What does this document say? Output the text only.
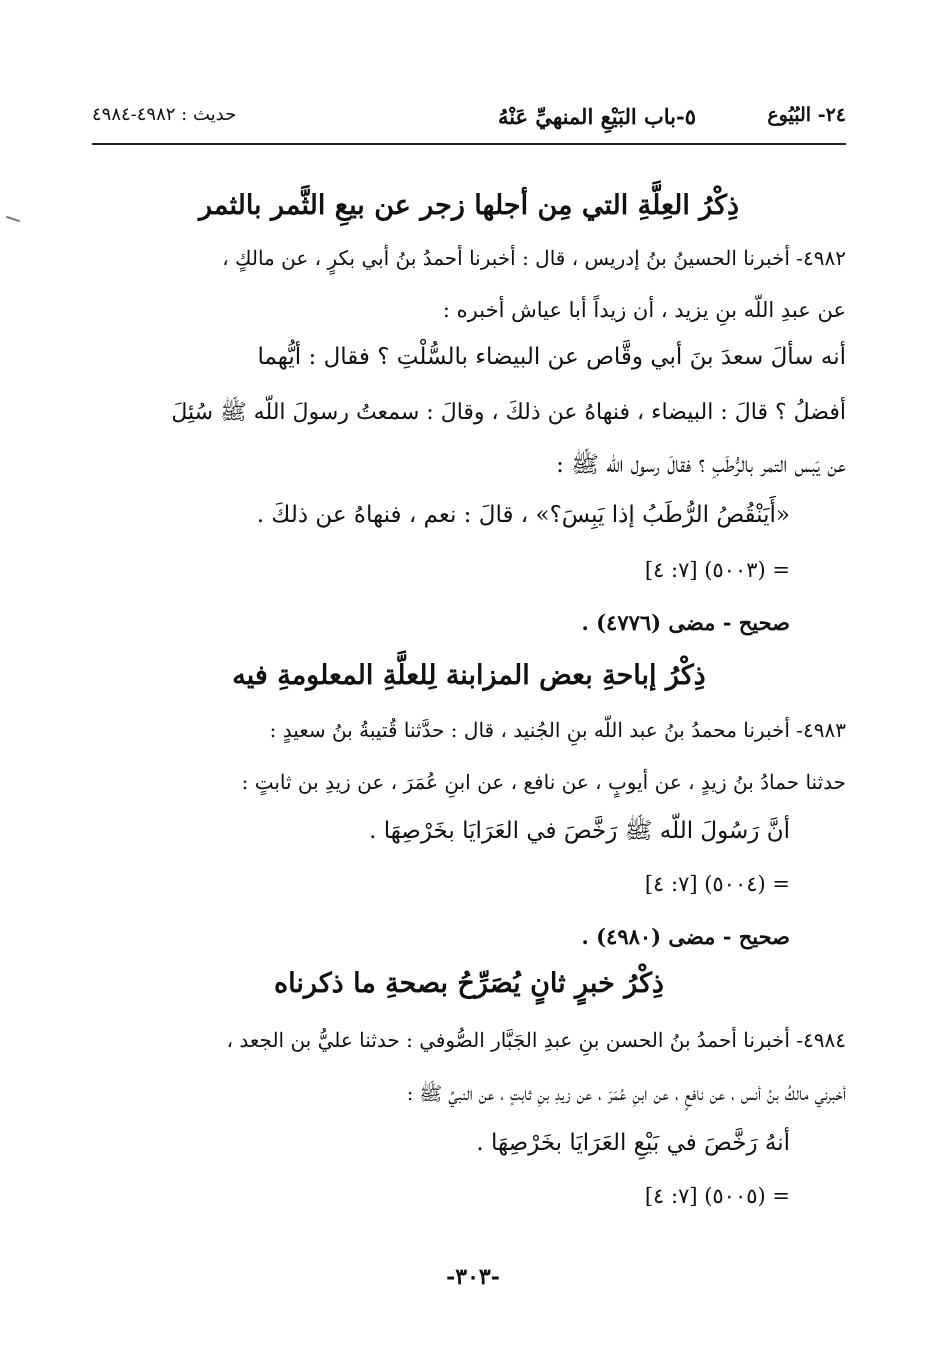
٢٤- البُيُوع
٥-باب البَيْعِ المنهيِّ عَنْهُ
حديث : ٤٩٨٢-٤٩٨٤
ذِكْرُ العِلَّةِ التي مِن أجلها زجر عن بيعِ الثَّمر بالثمر
٤٩٨٢- أخبرنا الحسينُ بنُ إدريس ، قال : أخبرنا أحمدُ بنُ أبي بكرٍ ، عن مالكٍ ،
عن عبدِ اللّه بنِ يزيد ، أن زيداً أبا عياش أخبره :
أنه سألَ سعدَ بنَ أبي وقَّاص عن البيضاء بالسُّلْتِ ؟ فقال : أيُّهما
أفضلُ ؟ قالَ : البيضاء ، فنهاهُ عن ذلكَ ، وقالَ : سمعتُ رسولَ اللّه ﷺ سُئِلَ
عن يَبس التمر بالرُّطَبِ ؟ فقالَ رسول اللّه ﷺ :
«أَيَنْقُصُ الرُّطَبُ إذا يَبِسَ؟» ، قالَ : نعم ، فنهاهُ عن ذلكَ .
= (٥٠٠٣) [٧: ٤]
صحيح - مضى (٤٧٧٦) .
ذِكْرُ إباحةِ بعض المزابنة لِلعلَّةِ المعلومةِ فيه
٤٩٨٣- أخبرنا محمدُ بنُ عبد اللّه بنِ الجُنيد ، قال : حدَّثنا قُتيبةُ بنُ سعيدٍ :
حدثنا حمادُ بنُ زيدٍ ، عن أيوبٍ ، عن نافع ، عن ابنِ عُمَرَ ، عن زيدِ بن ثابتٍ :
أنَّ رَسُولَ اللّه ﷺ رَخَّصَ في العَرَايَا بخَرْصِهَا .
= (٥٠٠٤) [٧: ٤]
صحيح - مضى (٤٩٨٠) .
ذِكْرُ خبرٍ ثانٍ يُصَرِّحُ بصحةِ ما ذكرناه
٤٩٨٤- أخبرنا أحمدُ بنُ الحسن بنِ عبدِ الجَبَّار الصُّوفي : حدثنا عليُّ بن الجعد ،
أخبرني مالكُ بنُ أنس ، عن نافعٍ ، عن ابنِ عُمَرَ ، عن زيدِ بنِ ثابتٍ ، عن النبيِّ ﷺ :
أنهُ رَخَّصَ في بَيْعِ العَرَايَا بخَرْصِهَا .
= (٥٠٠٥) [٧: ٤]
-٣٠٣-
